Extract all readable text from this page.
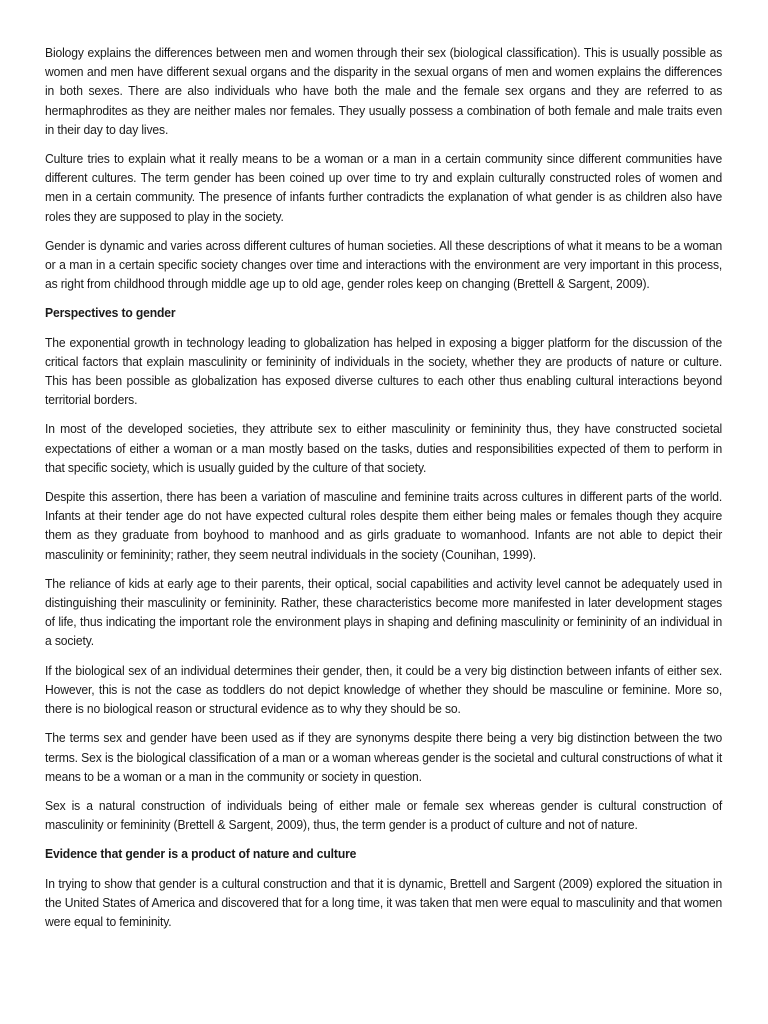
Biology explains the differences between men and women through their sex (biological classification). This is usually possible as women and men have different sexual organs and the disparity in the sexual organs of men and women explains the differences in both sexes. There are also individuals who have both the male and the female sex organs and they are referred to as hermaphrodites as they are neither males nor females. They usually possess a combination of both female and male traits even in their day to day lives.

Culture tries to explain what it really means to be a woman or a man in a certain community since different communities have different cultures. The term gender has been coined up over time to try and explain culturally constructed roles of women and men in a certain community. The presence of infants further contradicts the explanation of what gender is as children also have roles they are supposed to play in the society.

Gender is dynamic and varies across different cultures of human societies. All these descriptions of what it means to be a woman or a man in a certain specific society changes over time and interactions with the environment are very important in this process, as right from childhood through middle age up to old age, gender roles keep on changing (Brettell & Sargent, 2009).

Perspectives to gender

The exponential growth in technology leading to globalization has helped in exposing a bigger platform for the discussion of the critical factors that explain masculinity or femininity of individuals in the society, whether they are products of nature or culture. This has been possible as globalization has exposed diverse cultures to each other thus enabling cultural interactions beyond territorial borders.

In most of the developed societies, they attribute sex to either masculinity or femininity thus, they have constructed societal expectations of either a woman or a man mostly based on the tasks, duties and responsibilities expected of them to perform in that specific society, which is usually guided by the culture of that society.

Despite this assertion, there has been a variation of masculine and feminine traits across cultures in different parts of the world. Infants at their tender age do not have expected cultural roles despite them either being males or females though they acquire them as they graduate from boyhood to manhood and as girls graduate to womanhood. Infants are not able to depict their masculinity or femininity; rather, they seem neutral individuals in the society (Counihan, 1999).

The reliance of kids at early age to their parents, their optical, social capabilities and activity level cannot be adequately used in distinguishing their masculinity or femininity. Rather, these characteristics become more manifested in later development stages of life, thus indicating the important role the environment plays in shaping and defining masculinity or femininity of an individual in a society.

If the biological sex of an individual determines their gender, then, it could be a very big distinction between infants of either sex. However, this is not the case as toddlers do not depict knowledge of whether they should be masculine or feminine. More so, there is no biological reason or structural evidence as to why they should be so.

The terms sex and gender have been used as if they are synonyms despite there being a very big distinction between the two terms. Sex is the biological classification of a man or a woman whereas gender is the societal and cultural constructions of what it means to be a woman or a man in the community or society in question.

Sex is a natural construction of individuals being of either male or female sex whereas gender is cultural construction of masculinity or femininity (Brettell & Sargent, 2009), thus, the term gender is a product of culture and not of nature.

Evidence that gender is a product of nature and culture

In trying to show that gender is a cultural construction and that it is dynamic, Brettell and Sargent (2009) explored the situation in the United States of America and discovered that for a long time, it was taken that men were equal to masculinity and that women were equal to femininity.
